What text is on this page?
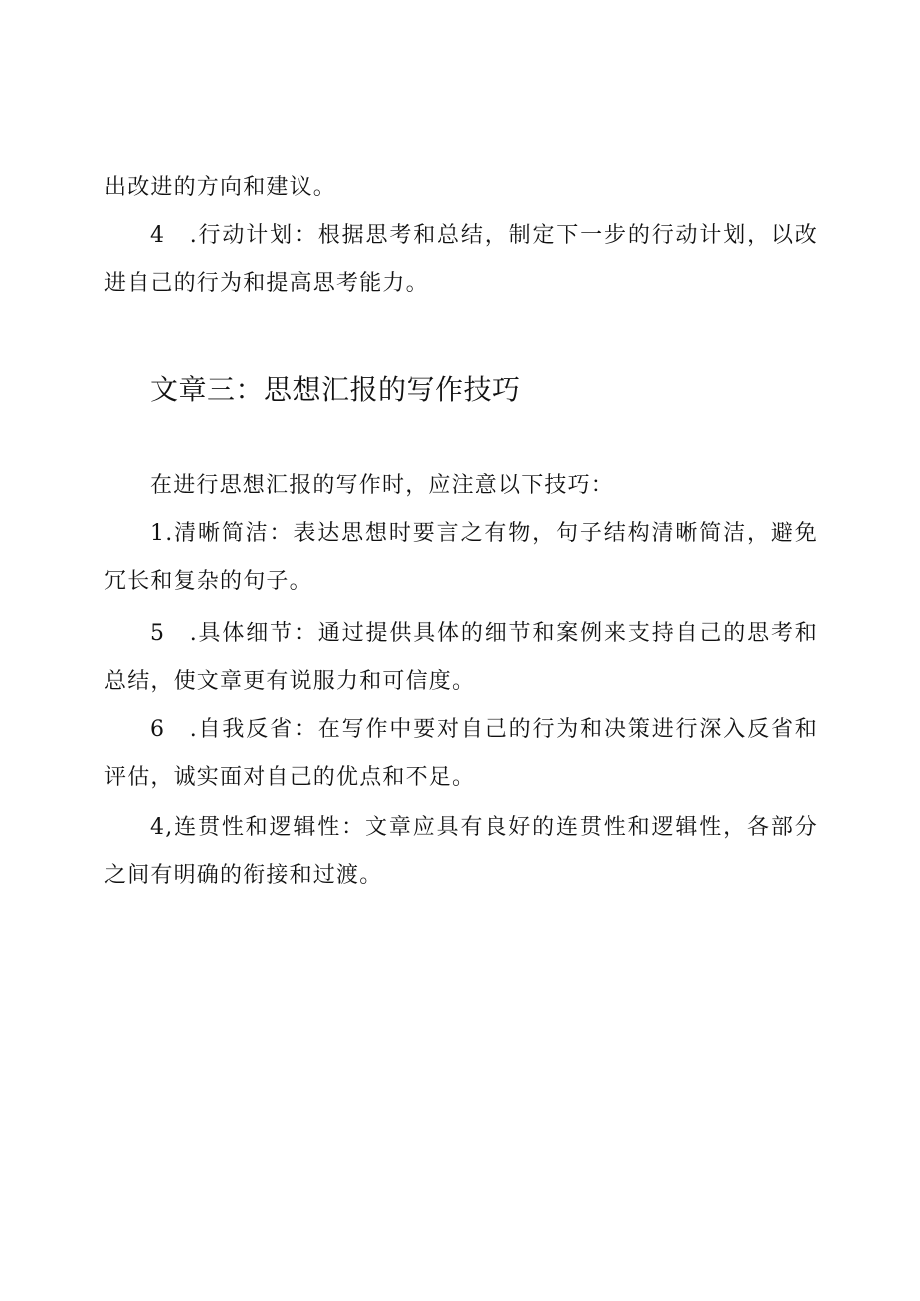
出改进的方向和建议。

4　.行动计划：根据思考和总结，制定下一步的行动计划，以改进自己的行为和提高思考能力。

文章三：思想汇报的写作技巧

在进行思想汇报的写作时，应注意以下技巧：

1.清晰简洁：表达思想时要言之有物，句子结构清晰简洁，避免冗长和复杂的句子。

5　.具体细节：通过提供具体的细节和案例来支持自己的思考和总结，使文章更有说服力和可信度。

6　.自我反省：在写作中要对自己的行为和决策进行深入反省和评估，诚实面对自己的优点和不足。

4,连贯性和逻辑性：文章应具有良好的连贯性和逻辑性，各部分之间有明确的衔接和过渡。
